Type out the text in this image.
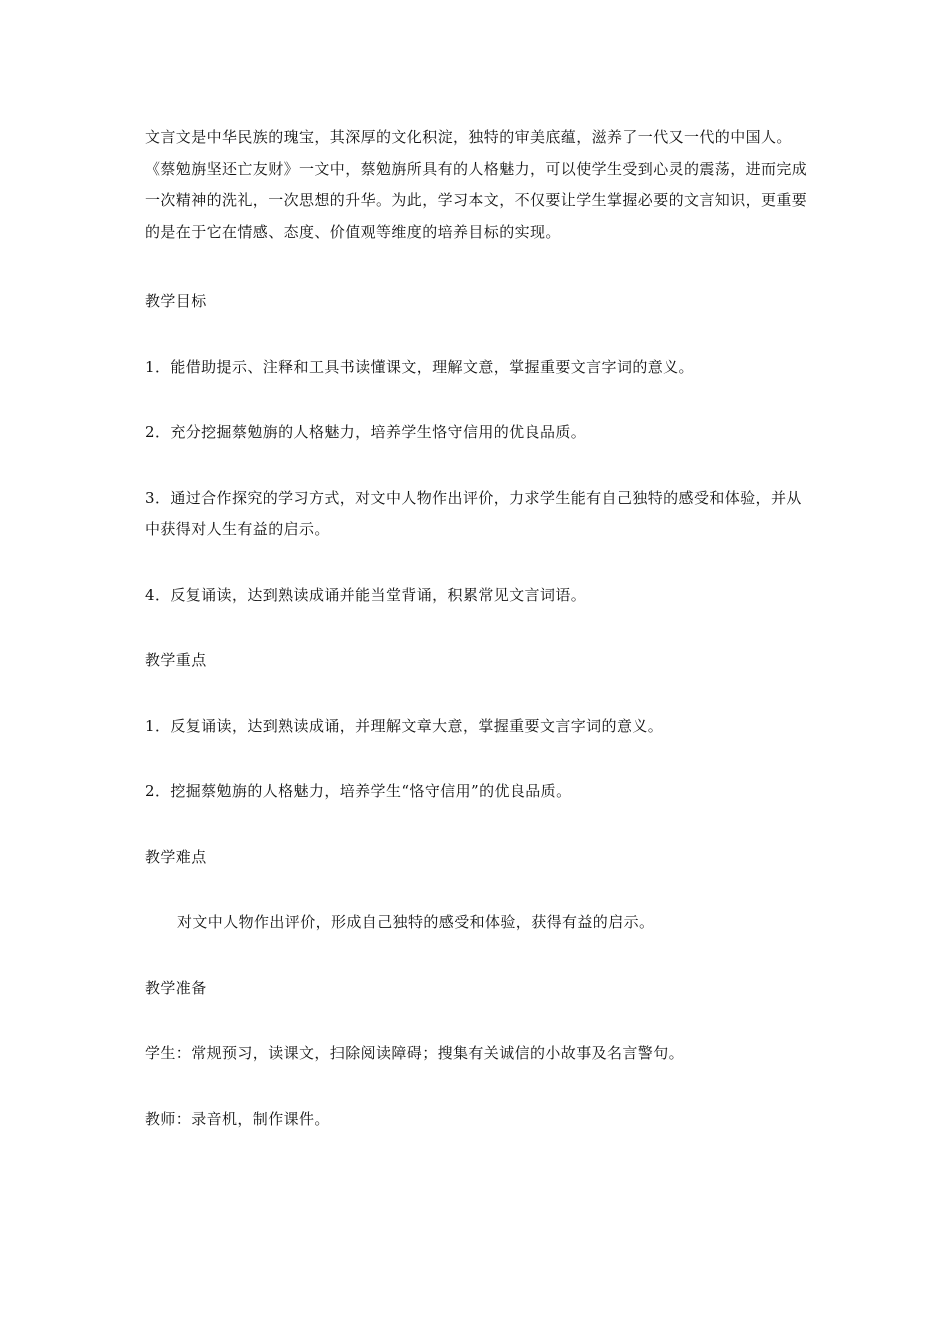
文言文是中华民族的瑰宝，其深厚的文化积淀，独特的审美底蕴，滋养了一代又一代的中国人。《蔡勉旃坚还亡友财》一文中，蔡勉旃所具有的人格魅力，可以使学生受到心灵的震荡，进而完成一次精神的洗礼，一次思想的升华。为此，学习本文，不仅要让学生掌握必要的文言知识，更重要的是在于它在情感、态度、价值观等维度的培养目标的实现。

教学目标

1．能借助提示、注释和工具书读懂课文，理解文意，掌握重要文言字词的意义。

2．充分挖掘蔡勉旃的人格魅力，培养学生恪守信用的优良品质。

3．通过合作探究的学习方式，对文中人物作出评价，力求学生能有自己独特的感受和体验，并从中获得对人生有益的启示。

4．反复诵读，达到熟读成诵并能当堂背诵，积累常见文言词语。

教学重点

1．反复诵读，达到熟读成诵，并理解文章大意，掌握重要文言字词的意义。

2．挖掘蔡勉旃的人格魅力，培养学生“恪守信用”的优良品质。

教学难点

对文中人物作出评价，形成自己独特的感受和体验，获得有益的启示。

教学准备

学生：常规预习，读课文，扫除阅读障碍；搜集有关诚信的小故事及名言警句。

教师：录音机，制作课件。
